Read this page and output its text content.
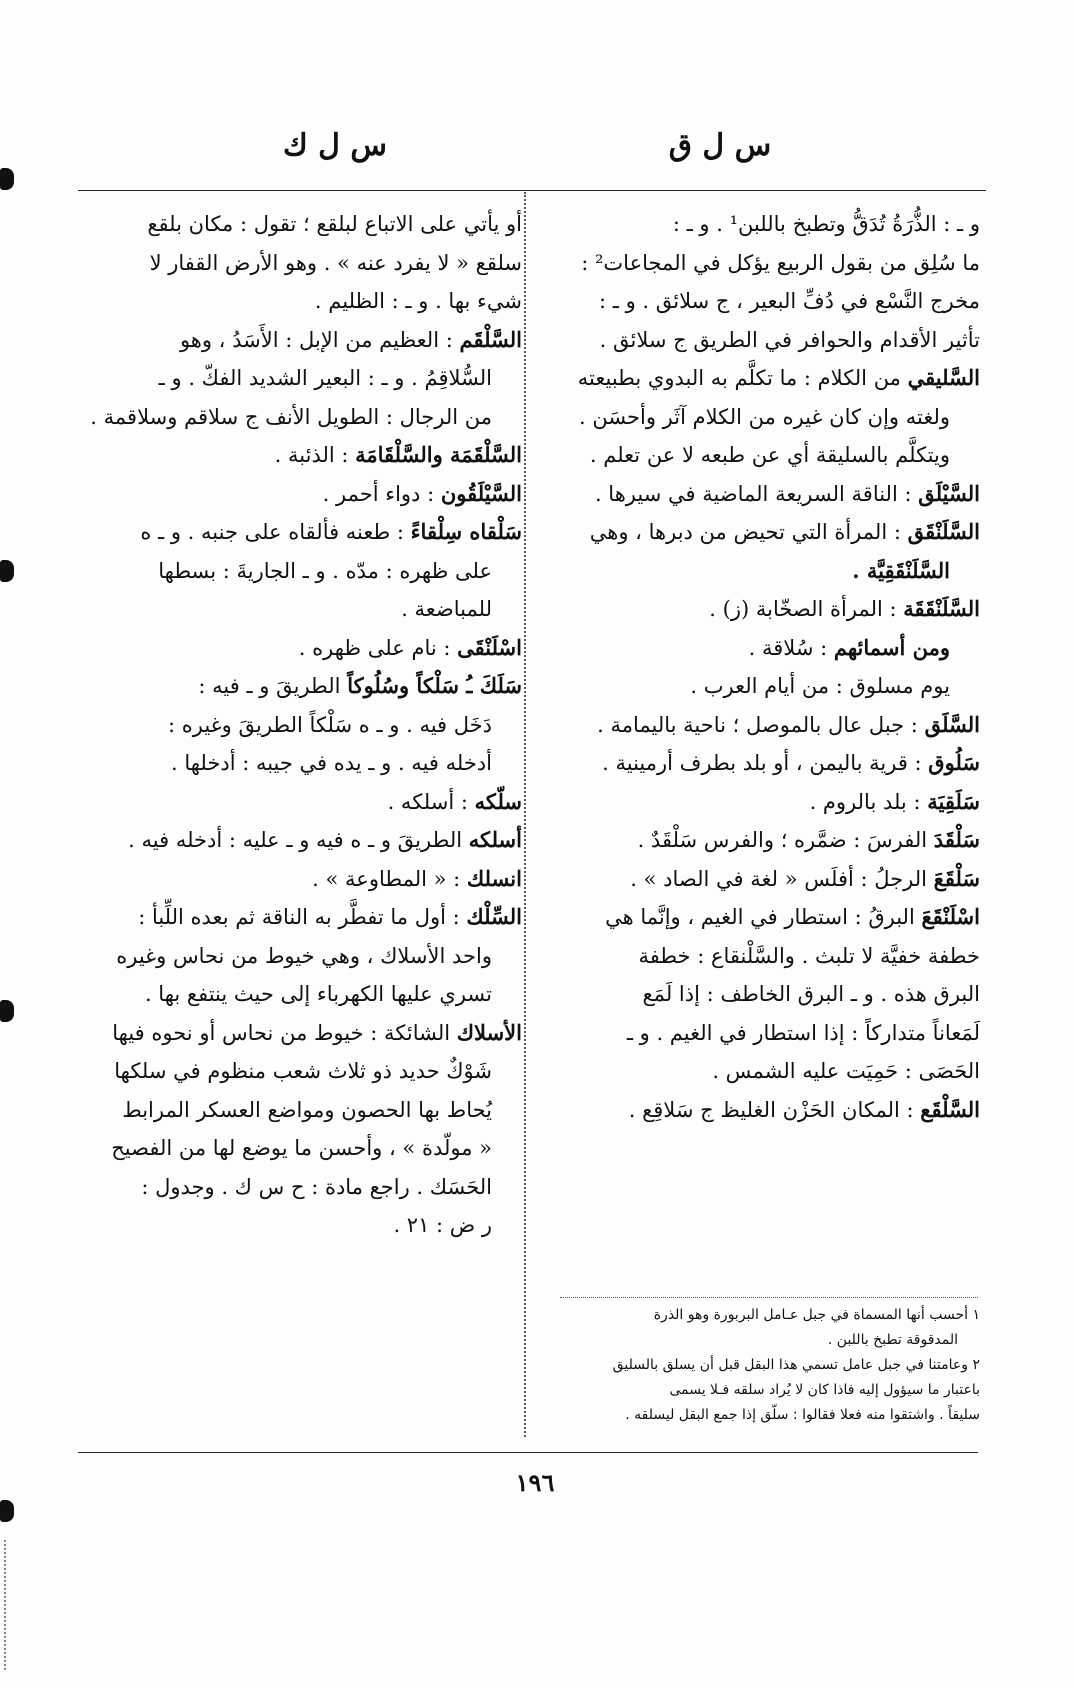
س ل ق
س ل ك
و ـ : الذُّرَةُ تُدَقُّ وتطبخ باللبن¹ . و ـ :
ما سُلِق من بقول الربيع يؤكل في المجاعات² :
مخرج النَّسْع في دُفِّ البعير ، ج سلائق . و ـ :
تأثير الأقدام والحوافر في الطريق ج سلائق .
السَّليقي من الكلام : ما تكلَّم به البدوي بطبيعته
ولغته وإن كان غيره من الكلام آثَر وأحسَن .
ويتكلَّم بالسليقة أي عن طبعه لا عن تعلم .
السَّيْلَق : الناقة السريعة الماضية في سيرها .
السَّلَنْقَق : المرأة التي تحيض من دبرها ، وهي
السَّلَنْقَقِيَّة .
السَّلَنْقَقَة : المرأة الصخّابة (ز) .
ومن أسمائهم : سُلاقة .
يوم مسلوق : من أيام العرب .
السَّلَق : جبل عال بالموصل ؛ ناحية باليمامة .
سَلُوق : قرية باليمن ، أو بلد بطرف أرمينية .
سَلَقِيَة : بلد بالروم .
سَلْقَدَ الفرسَ : ضمَّره ؛ والفرس سَلْقَدٌ .
سَلْقَعَ الرجلُ : أفلَس « لغة في الصاد » .
اسْلَنْقَعَ البرقُ : استطار في الغيم ، وإنَّما هي
خطفة خفيَّة لا تلبث . والسَّلْنقاع : خطفة
البرق هذه . و ـ البرق الخاطف : إذا لَمَع
لَمَعاناً متداركاً : إذا استطار في الغيم . و ـ
الحَصَى : حَمِيَت عليه الشمس .
السَّلْقَع : المكان الحَزْن الغليظ ج سَلاقِع .
أو يأتي على الاتباع لبلقع ؛ تقول : مكان بلقع
سلقع « لا يفرد عنه » . وهو الأرض القفار لا
شيء بها . و ـ : الظليم .
السَّلْقَم : العظيم من الإبل : الأَسَدُ ، وهو
السُّلاقِمُ . و ـ : البعير الشديد الفكّ . و ـ
من الرجال : الطويل الأنف ج سلاقم وسلاقمة .
السَّلْقَمَة والسَّلْقَامَة : الذئبة .
السَّيْلَقُون : دواء أحمر .
سَلْقاه سِلْقاءً : طعنه فألقاه على جنبه . و ـ ه
على ظهره : مدّه . و ـ الجاريةَ : بسطها
للمباضعة .
اسْلَنْقَى : نام على ظهره .
سَلَكَ ـُ سَلْكاً وسُلُوكاً الطريقَ و ـ فيه :
دَخَل فيه . و ـ ه سَلْكاً الطريقَ وغيره :
أدخله فيه . و ـ يده في جيبه : أدخلها .
سلّكه : أسلكه .
أسلكه الطريقَ و ـ ه فيه و ـ عليه : أدخله فيه .
انسلك : « المطاوعة » .
السِّلْك : أول ما تفطَّر به الناقة ثم بعده اللِّبأ :
واحد الأسلاك ، وهي خيوط من نحاس وغيره
تسري عليها الكهرباء إلى حيث ينتفع بها .
الأسلاك الشائكة : خيوط من نحاس أو نحوه فيها
شَوْكٌ حديد ذو ثلاث شعب منظوم في سلكها
يُحاط بها الحصون ومواضع العسكر المرابط
« مولّدة » ، وأحسن ما يوضع لها من الفصيح
الحَسَك . راجع مادة : ح س ك . وجدول :
ر ض : ٢١ .
١ أحسب أنها المسماة في جبل عـامل البربورة وهو الذرة
المدقوقة تطبخ باللبن .
٢ وعامتنا في جبل عامل تسمي هذا البقل قبل أن يسلق بالسليق
باعتبار ما سيؤول إليه فاذا كان لا يُراد سلقه فـلا يسمى
سليقاً . واشتقوا منه فعلا فقالوا : سلّق إذا جمع البقل ليسلقه .
١٩٦
